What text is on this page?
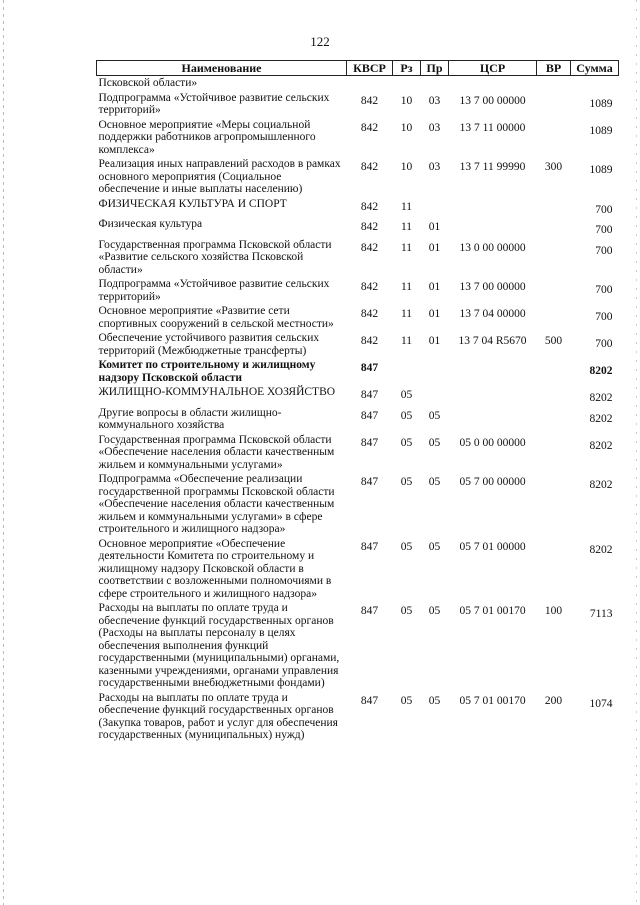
122
Наименование	КВСР	Рз	Пр	ЦСР	ВР	Сумма
Псковской области»						
Подпрограмма «Устойчивое развитие сельских территорий»	842	10	03	13 7 00 00000		1089
Основное мероприятие «Меры социальной поддержки работников агропромышленного комплекса»	842	10	03	13 7 11 00000		1089
Реализация иных направлений расходов в рамках основного мероприятия (Социальное обеспечение и иные выплаты населению)	842	10	03	13 7 11 99990	300	1089
ФИЗИЧЕСКАЯ КУЛЬТУРА И СПОРТ	842	11				700
Физическая культура	842	11	01			700
Государственная программа Псковской области «Развитие сельского хозяйства Псковской области»	842	11	01	13 0 00 00000		700
Подпрограмма «Устойчивое развитие сельских территорий»	842	11	01	13 7 00 00000		700
Основное мероприятие «Развитие сети спортивных сооружений в сельской местности»	842	11	01	13 7 04 00000		700
Обеспечение устойчивого развития сельских территорий (Межбюджетные трансферты)	842	11	01	13 7 04 R5670	500	700
Комитет по строительному и жилищному надзору Псковской области	847					8202
ЖИЛИЩНО-КОММУНАЛЬНОЕ ХОЗЯЙСТВО	847	05				8202
Другие вопросы в области жилищно-коммунального хозяйства	847	05	05			8202
Государственная программа Псковской области «Обеспечение населения области качественным жильем и коммунальными услугами»	847	05	05	05 0 00 00000		8202
Подпрограмма «Обеспечение реализации государственной программы Псковской области «Обеспечение населения области качественным жильем и коммунальными услугами» в сфере строительного и жилищного надзора»	847	05	05	05 7 00 00000		8202
Основное мероприятие «Обеспечение деятельности Комитета по строительному и жилищному надзору Псковской области в соответствии с возложенными полномочиями в сфере строительного и жилищного надзора»	847	05	05	05 7 01 00000		8202
Расходы на выплаты по оплате труда и обеспечение функций государственных органов (Расходы на выплаты персоналу в целях обеспечения выполнения функций государственными (муниципальными) органами, казенными учреждениями, органами управления государственными внебюджетными фондами)	847	05	05	05 7 01 00170	100	7113
Расходы на выплаты по оплате труда и обеспечение функций государственных органов (Закупка товаров, работ и услуг для обеспечения государственных (муниципальных) нужд)	847	05	05	05 7 01 00170	200	1074
